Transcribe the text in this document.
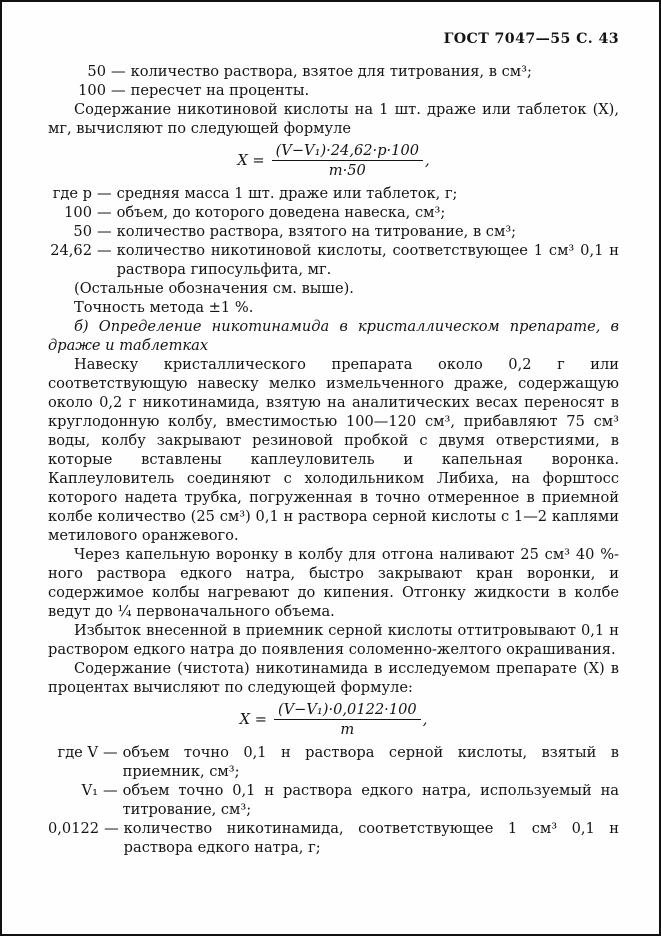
ГОСТ 7047—55 С. 43
50 — количество раствора, взятое для титрования, в см³;
100 — пересчет на проценты.

Содержание никотиновой кислоты на 1 шт. драже или таблеток (X), мг, вычисляют по следующей формуле

$X = \frac{\text{(V−V₁)·24,62·p·100}}{m\cdot 50}$ ,
где p — средняя масса 1 шт. драже или таблеток, г;
100 — объем, до которого доведена навеска, см³;
50 — количество раствора, взятого на титрование, в см³;
24,62 — количество никотиновой кислоты, соответствующее 1 см³ 0,1 н раствора гипосульфита, мг.

(Остальные обозначения см. выше).

Точность метода ±1 %.

б) Определение никотинамида в кристаллическом препарате, в драже и таблетках

Навеску кристаллического препарата около 0,2 г или соответствующую навеску мелко измельченного драже, содержащую около 0,2 г никотинамида, взятую на аналитических весах переносят в круглодонную колбу, вместимостью 100—120 см³, прибавляют 75 см³ воды, колбу закрывают резиновой пробкой с двумя отверстиями, в которые вставлены каплеуловитель и капельная воронка. Каплеуловитель соединяют с холодильником Либиха, на форштосс которого надета трубка, погруженная в точно отмеренное в приемной колбе количество (25 см³) 0,1 н раствора серной кислоты с 1—2 каплями метилового оранжевого.

Через капельную воронку в колбу для отгона наливают 25 см³ 40 %-ного раствора едкого натра, быстро закрывают кран воронки, и содержимое колбы нагревают до кипения. Отгонку жидкости в колбе ведут до ¼ первоначального объема.

Избыток внесенной в приемник серной кислоты оттитровывают 0,1 н раствором едкого натра до появления соломенно-желтого окрашивания.

Содержание (чистота) никотинамида в исследуемом препарате (X) в процентах вычисляют по следующей формуле:

$X = \frac{\text{(V−V₁)·0,0122·100}}{m}$ ,
где V — объем точно 0,1 н раствора серной кислоты, взятый в приемник, см³;
V₁ — объем точно 0,1 н раствора едкого натра, используемый на титрование, см³;
0,0122 — количество никотинамида, соответствующее 1 см³ 0,1 н раствора едкого натра, г;
